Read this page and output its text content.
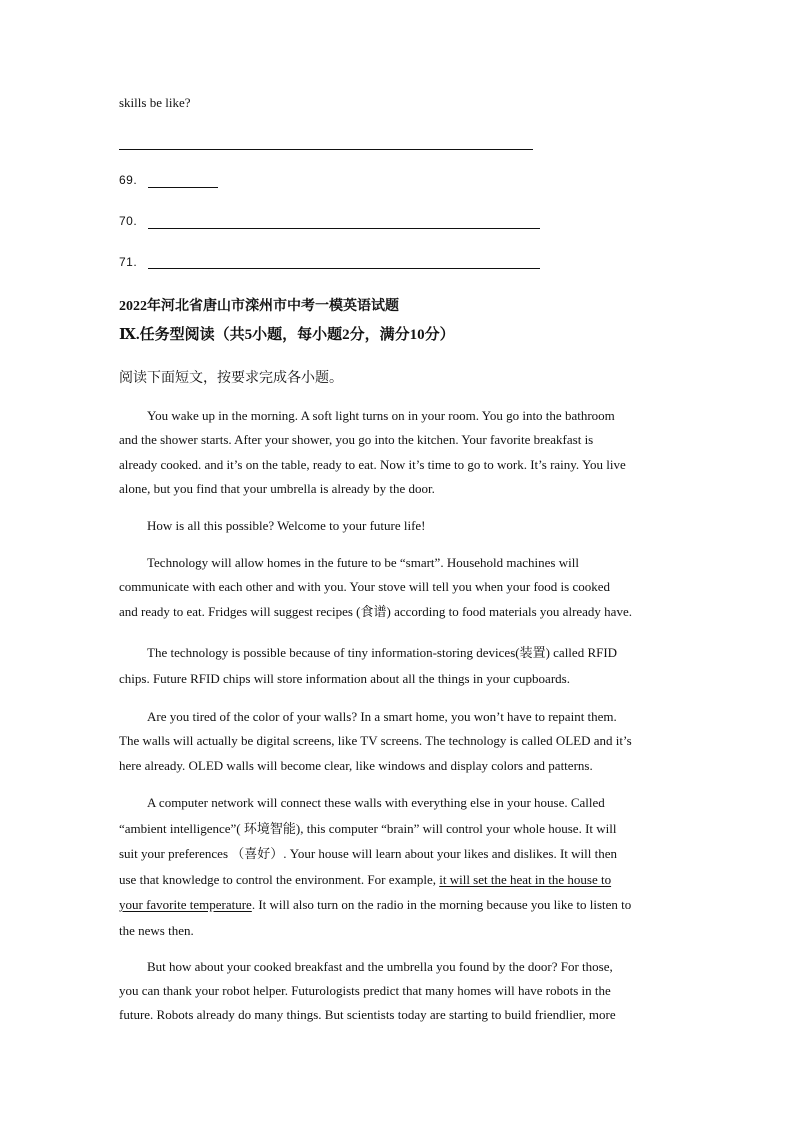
skills be like?
69.
70.
71.
2022年河北省唐山市滦州市中考一模英语试题
Ⅸ.任务型阅读（共5小题，每小题2分，满分10分）
阅读下面短文，按要求完成各小题。
You wake up in the morning. A soft light turns on in your room. You go into the bathroom
and the shower starts. After your shower, you go into the kitchen. Your favorite breakfast is
already cooked. and it’s on the table, ready to eat. Now it’s time to go to work. It’s rainy. You live
alone, but you find that your umbrella is already by the door.
How is all this possible? Welcome to your future life!
Technology will allow homes in the future to be “smart”. Household machines will
communicate with each other and with you. Your stove will tell you when your food is cooked
and ready to eat. Fridges will suggest recipes (食谱) according to food materials you already have.
The technology is possible because of tiny information-storing devices(装置) called RFID
chips. Future RFID chips will store information about all the things in your cupboards.
Are you tired of the color of your walls? In a smart home, you won’t have to repaint them.
The walls will actually be digital screens, like TV screens. The technology is called OLED and it’s
here already. OLED walls will become clear, like windows and display colors and patterns.
A computer network will connect these walls with everything else in your house. Called
“ambient intelligence”( 环境智能), this computer “brain” will control your whole house. It will
suit your preferences （喜好）. Your house will learn about your likes and dislikes. It will then
use that knowledge to control the environment. For example, it will set the heat in the house to
your favorite temperature. It will also turn on the radio in the morning because you like to listen to
the news then.
But how about your cooked breakfast and the umbrella you found by the door? For those,
you can thank your robot helper. Futurologists predict that many homes will have robots in the
future. Robots already do many things. But scientists today are starting to build friendlier, more
